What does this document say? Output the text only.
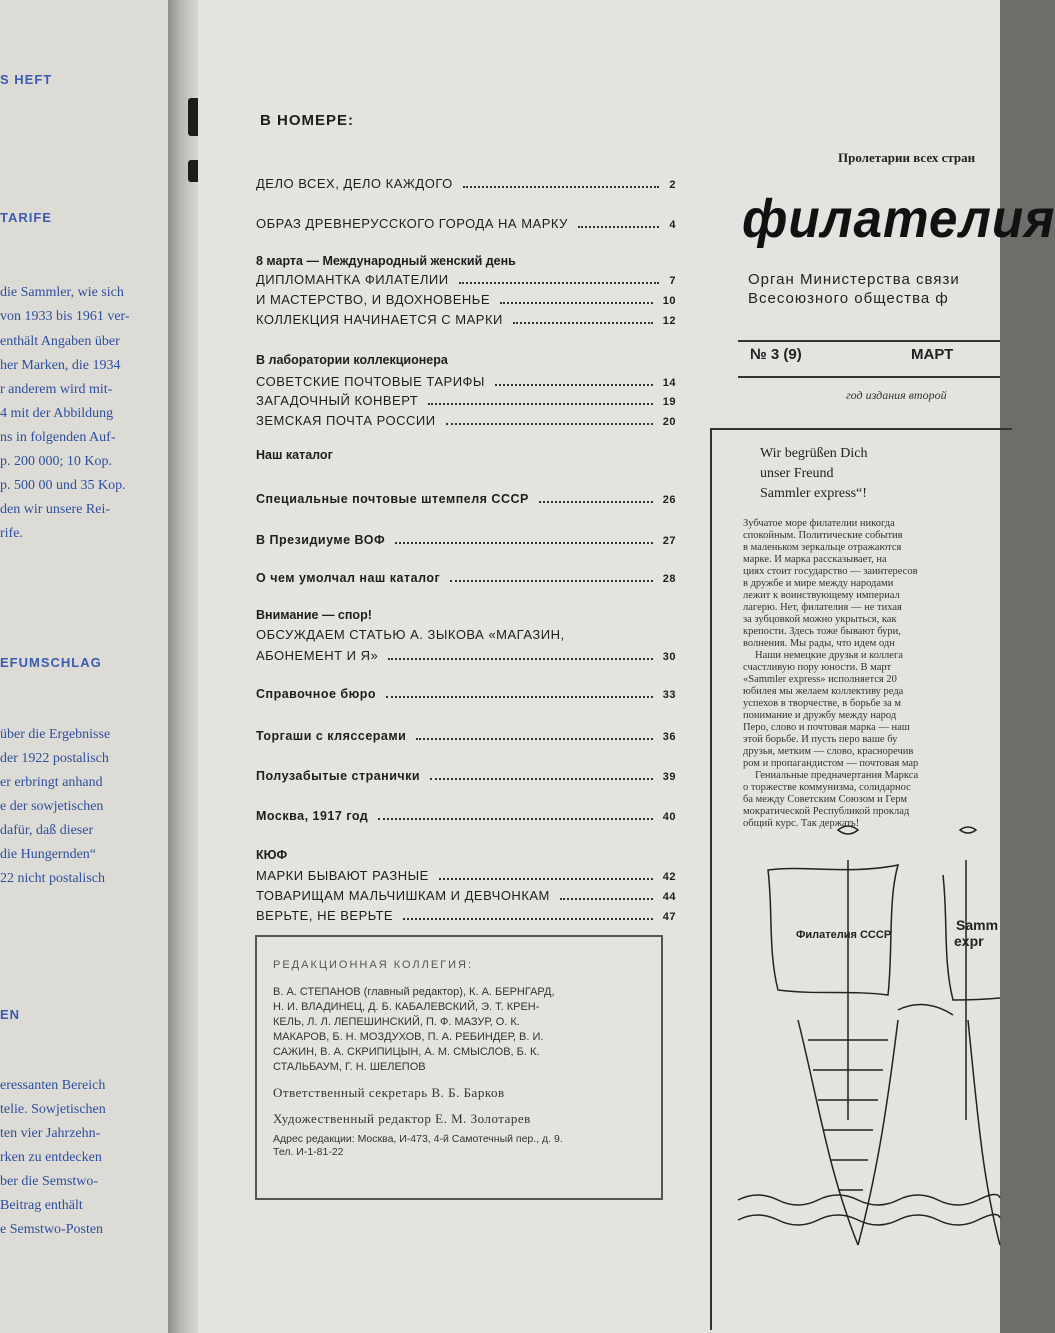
S HEFT
TARIFE
die Sammler, wie sich
von 1933 bis 1961 ver-
enthält Angaben über
her Marken, die 1934
r anderem wird mit-
4 mit der Abbildung
ns in folgenden Auf-
p. 200 000; 10 Kop.
p. 500 00 und 35 Kop.
den wir unsere Rei-
rife.
EFUMSCHLAG
über die Ergebnisse
der 1922 postalisch
er erbringt anhand
e der sowjetischen
dafür, daß dieser
die Hungernden“
22 nicht postalisch
EN
eressanten Bereich
telie. Sowjetischen
ten vier Jahrzehn-
rken zu entdecken
ber die Semstwo-
Beitrag enthält
e Semstwo-Posten
В НОМЕРЕ:
ДЕЛО ВСЕХ, ДЕЛО КАЖДОГО	2
ОБРАЗ ДРЕВНЕРУССКОГО ГОРОДА НА МАРКУ	4
8 марта — Международный женский день
ДИПЛОМАНТКА ФИЛАТЕЛИИ	7
И МАСТЕРСТВО, И ВДОХНОВЕНЬЕ	10
КОЛЛЕКЦИЯ НАЧИНАЕТСЯ С МАРКИ	12
В лаборатории коллекционера
СОВЕТСКИЕ ПОЧТОВЫЕ ТАРИФЫ	14
ЗАГАДОЧНЫЙ КОНВЕРТ	19
ЗЕМСКАЯ ПОЧТА РОССИИ	20
Наш каталог
Специальные почтовые штемпеля СССР	26
В Президиуме ВОФ	27
О чем умолчал наш каталог	28
Внимание — спор!
ОБСУЖДАЕМ СТАТЬЮ А. ЗЫКОВА «МАГАЗИН,
АБОНЕМЕНТ И Я»	30
Справочное бюро	33
Торгаши с кляссерами	36
Полузабытые странички	39
Москва, 1917 год	40
КЮФ
МАРКИ БЫВАЮТ РАЗНЫЕ	42
ТОВАРИЩАМ МАЛЬЧИШКАМ И ДЕВЧОНКАМ	44
ВЕРЬТЕ, НЕ ВЕРЬТЕ	47
РЕДАКЦИОННАЯ КОЛЛЕГИЯ:
В. А. СТЕПАНОВ (главный редактор), К. А. БЕРНГАРД,
Н. И. ВЛАДИНЕЦ, Д. Б. КАБАЛЕВСКИЙ, Э. Т. КРЕН-
КЕЛЬ, Л. Л. ЛЕПЕШИНСКИЙ, П. Ф. МАЗУР, О. К.
МАКАРОВ, Б. Н. МОЗДУХОВ, П. А. РЕБИНДЕР, В. И.
САЖИН, В. А. СКРИПИЦЫН, А. М. СМЫСЛОВ, Б. К.
СТАЛЬБАУМ, Г. Н. ШЕЛЕПОВ
Ответственный секретарь В. Б. Барков
Художественный редактор Е. М. Золотарев
Адрес редакции: Москва, И-473, 4-й Самотечный пер., д. 9.
Тел. И-1-81-22
Пролетарии всех стран
филателия
Орган Министерства связи
Всесоюзного общества ф
№ 3 (9)	МАРТ
год издания второй
Wir begrüßen Dich
unser Freund
Sammler express“!
Зубчатое море филателии никогда
спокойным. Политические события
в маленьком зеркальце отражаются
марке. И марка рассказывает, на
циях стоит государство — заинтересов
в дружбе и мире между народами
лежит к воинствующему империал
лагерю. Нет, филателия — не тихая
за зубцовкой можно укрыться, как
крепости. Здесь тоже бывают бури,
волнения. Мы рады, что идем одн
Наши немецкие друзья и коллега
счастливую пору юности. В март
«Sammler express» исполняется 20
юбилея мы желаем коллективу реда
успехов в творчестве, в борьбе за м
понимание и дружбу между народ
Перо, слово и почтовая марка — наш
этой борьбе. И пусть перо ваше бу
друзья, метким — слово, красноречив
ром и пропагандистом — почтовая мар
Гениальные предначертания Маркса
о торжестве коммунизма, солидарнос
ба между Советским Союзом и Герм
мократической Республикой проклад
общий курс. Так держать!
Филателия СССР
Samm
expr
